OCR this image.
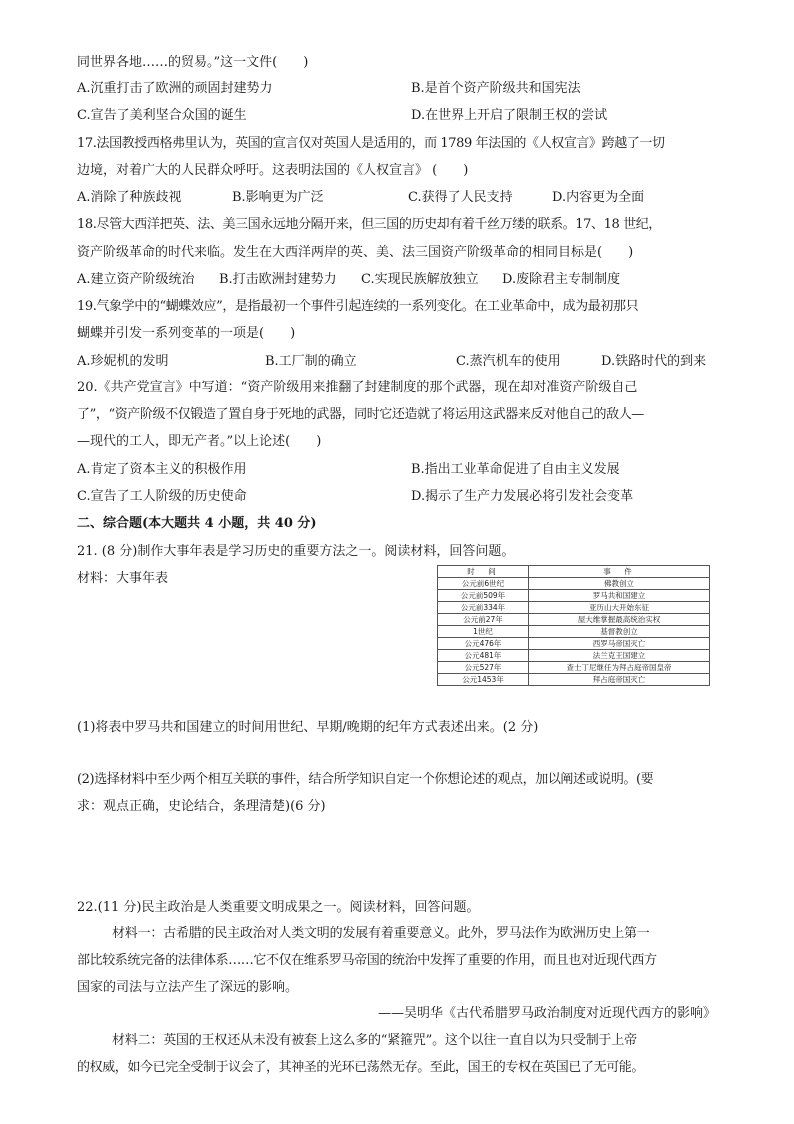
同世界各地……的贸易。”这一文件(　　)
A.沉重打击了欧洲的顽固封建势力	B.是首个资产阶级共和国宪法
C.宣告了美利坚合众国的诞生	D.在世界上开启了限制王权的尝试
17.法国教授西格弗里认为，英国的宣言仅对英国人是适用的，而 1789 年法国的《人权宣言》跨越了一切
边境，对着广大的人民群众呼吁。这表明法国的《人权宣言》 (　　)
A.消除了种族歧视	B.影响更为广泛	C.获得了人民支持	D.内容更为全面
18.尽管大西洋把英、法、美三国永远地分隔开来，但三国的历史却有着千丝万缕的联系。17、18 世纪，
资产阶级革命的时代来临。发生在大西洋两岸的英、美、法三国资产阶级革命的相同目标是(　　)
A.建立资产阶级统治 B.打击欧洲封建势力 C.实现民族解放独立 D.废除君主专制制度
19.气象学中的“蝴蝶效应”，是指最初一个事件引起连续的一系列变化。在工业革命中，成为最初那只
蝴蝶并引发一系列变革的一项是(　　)
A.珍妮机的发明	B.工厂制的确立	C.蒸汽机车的使用	D.铁路时代的到来
20.《共产党宣言》中写道：“资产阶级用来推翻了封建制度的那个武器，现在却对准资产阶级自己
了”，“资产阶级不仅锻造了置自身于死地的武器，同时它还造就了将运用这武器来反对他自己的敌人—
—现代的工人，即无产者。”以上论述(　　)
A.肯定了资本主义的积极作用	B.指出工业革命促进了自由主义发展
C.宣告了工人阶级的历史使命	D.揭示了生产力发展必将引发社会变革
二、综合题(本大题共 4 小题，共 40 分)
21. (8 分)制作大事年表是学习历史的重要方法之一。阅读材料，回答问题。
材料：大事年表	时　间	事　件
公元前6世纪	佛教创立
公元前509年	罗马共和国建立
公元前334年	亚历山大开始东征
公元前27年	屋大维掌握最高统治实权
1世纪	基督教创立
公元476年	西罗马帝国灭亡
公元481年	法兰克王国建立
公元527年	查士丁尼继任为拜占庭帝国皇帝
公元1453年	拜占庭帝国灭亡
(1)将表中罗马共和国建立的时间用世纪、早期/晚期的纪年方式表述出来。(2 分)
(2)选择材料中至少两个相互关联的事件，结合所学知识自定一个你想论述的观点，加以阐述或说明。(要
求：观点正确，史论结合，条理清楚)(6 分)
22.(11 分)民主政治是人类重要文明成果之一。阅读材料，回答问题。
材料一：古希腊的民主政治对人类文明的发展有着重要意义。此外，罗马法作为欧洲历史上第一
部比较系统完备的法律体系……它不仅在维系罗马帝国的统治中发挥了重要的作用，而且也对近现代西方
国家的司法与立法产生了深远的影响。
——吴明华《古代希腊罗马政治制度对近现代西方的影响》
材料二：英国的王权还从未没有被套上这么多的“紧箍咒”。这个以往一直自以为只受制于上帝
的权威，如今已完全受制于议会了，其神圣的光环已荡然无存。至此，国王的专权在英国已了无可能。
